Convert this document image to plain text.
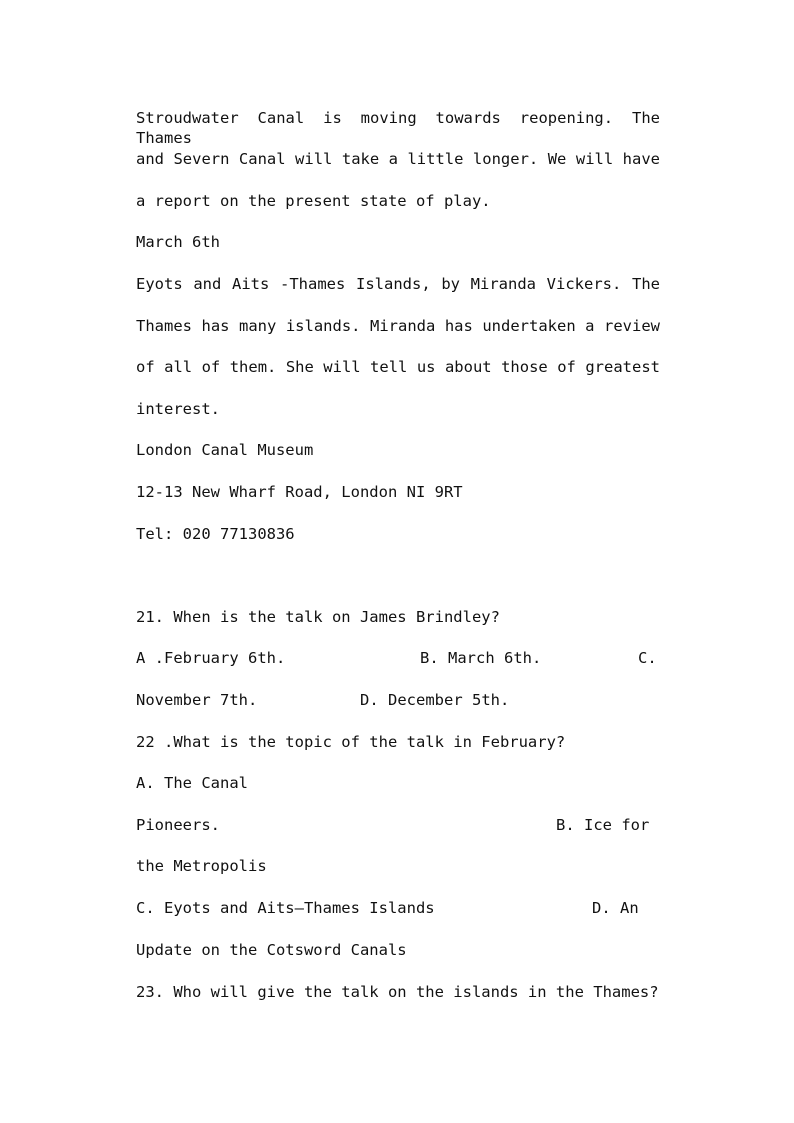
Stroudwater Canal is moving towards reopening. The Thames
and Severn Canal will take a little longer. We will have
a report on the present state of play.
March 6th
Eyots and Aits -Thames Islands, by Miranda Vickers. The
Thames has many islands. Miranda has undertaken a review
of all of them. She will tell us about those of greatest
interest.
London Canal Museum
12-13 New Wharf Road, London NI 9RT
Tel: 020 77130836
21. When is the talk on James Brindley?
A .February 6th.	B. March 6th.	C.
November 7th.	D. December 5th.
22 .What is the topic of the talk in February?
A. The Canal
Pioneers.	B. Ice for
the Metropolis
C. Eyots and Aits—Thames Islands	D. An
Update on the Cotsword Canals
23. Who will give the talk on the islands in the Thames?
